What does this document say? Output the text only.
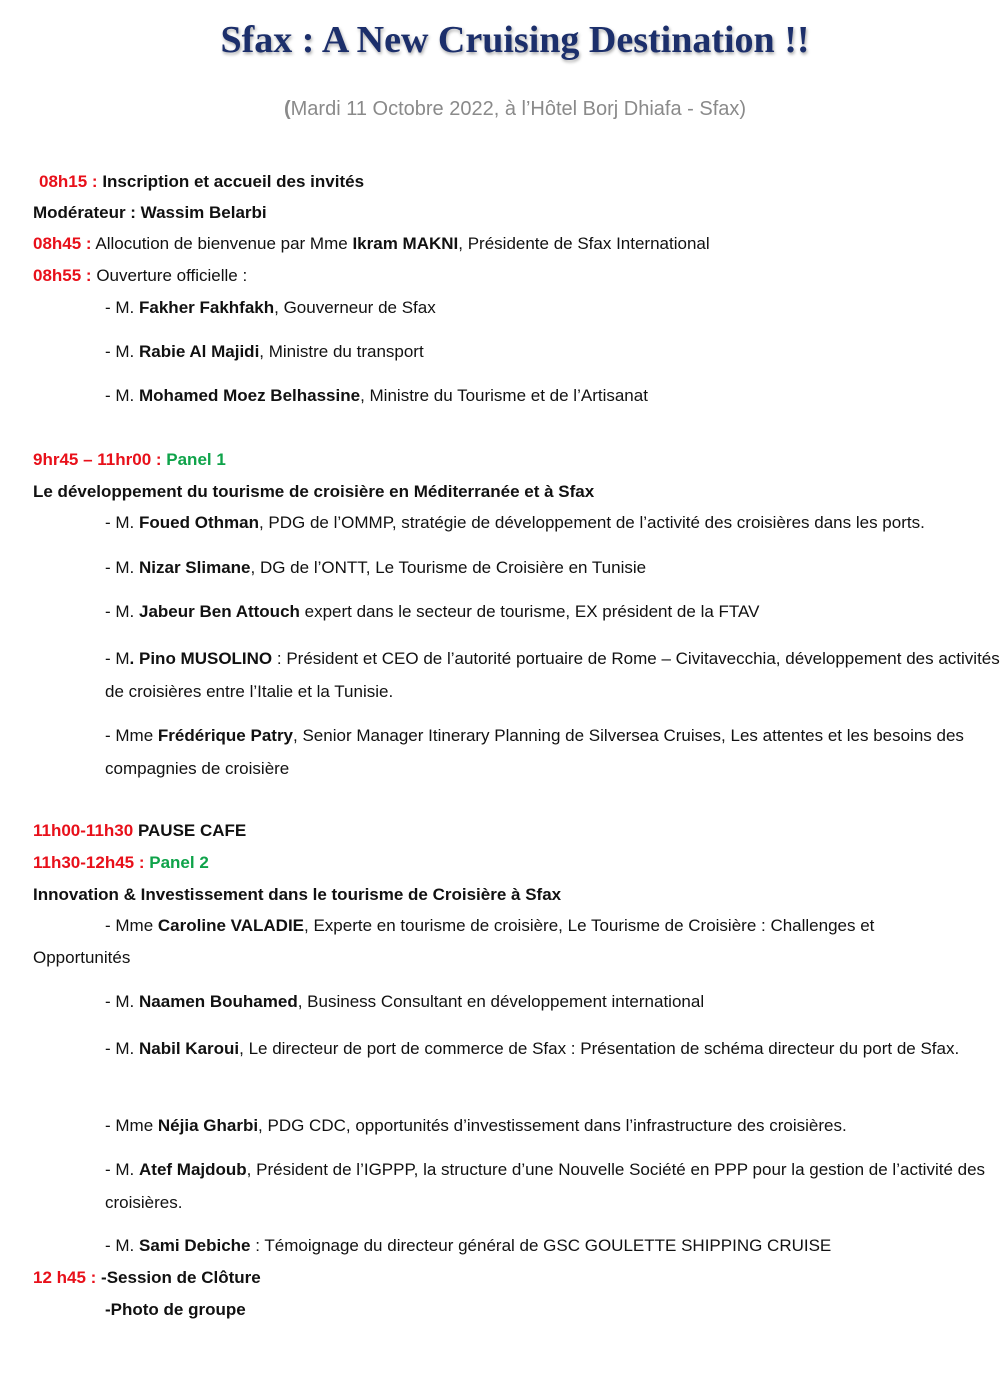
Sfax : A New Cruising Destination !!
(Mardi 11 Octobre 2022, à l’Hôtel Borj Dhiafa - Sfax)
08h15 : Inscription et accueil des invités
Modérateur : Wassim Belarbi
08h45 : Allocution de bienvenue par Mme Ikram MAKNI, Présidente de Sfax International
08h55 : Ouverture officielle :
- M. Fakher Fakhfakh, Gouverneur de Sfax
- M. Rabie Al Majidi, Ministre du transport
- M. Mohamed Moez Belhassine, Ministre du Tourisme et de l’Artisanat
9hr45 – 11hr00 : Panel 1
Le développement du tourisme de croisière en Méditerranée et à Sfax
- M. Foued Othman, PDG de l’OMMP, stratégie de développement de l’activité des croisières dans les ports.
- M. Nizar Slimane, DG de l’ONTT, Le Tourisme de Croisière en Tunisie
- M. Jabeur Ben Attouch expert dans le secteur de tourisme, EX président de la FTAV
- M. Pino MUSOLINO : Président et CEO de l’autorité portuaire de Rome – Civitavecchia, développement des activités de croisières entre l’Italie et la Tunisie.
- Mme Frédérique Patry, Senior Manager Itinerary Planning de Silversea Cruises, Les attentes et les besoins des compagnies de croisière
11h00-11h30 PAUSE CAFE
11h30-12h45 : Panel 2
Innovation & Investissement dans le tourisme de Croisière à Sfax
- Mme Caroline VALADIE, Experte en tourisme de croisière, Le Tourisme de Croisière : Challenges et Opportunités
- M. Naamen Bouhamed, Business Consultant en développement international
- M. Nabil Karoui, Le directeur de port de commerce de Sfax : Présentation de schéma directeur du port de Sfax.
- Mme Néjia Gharbi, PDG CDC, opportunités d’investissement dans l’infrastructure des croisières.
- M. Atef Majdoub, Président de l’IGPPP, la structure d’une Nouvelle Société en PPP pour la gestion de l’activité des croisières.
- M. Sami Debiche : Témoignage du directeur général de GSC GOULETTE SHIPPING CRUISE
12 h45 : -Session de Clôture
-Photo de groupe
